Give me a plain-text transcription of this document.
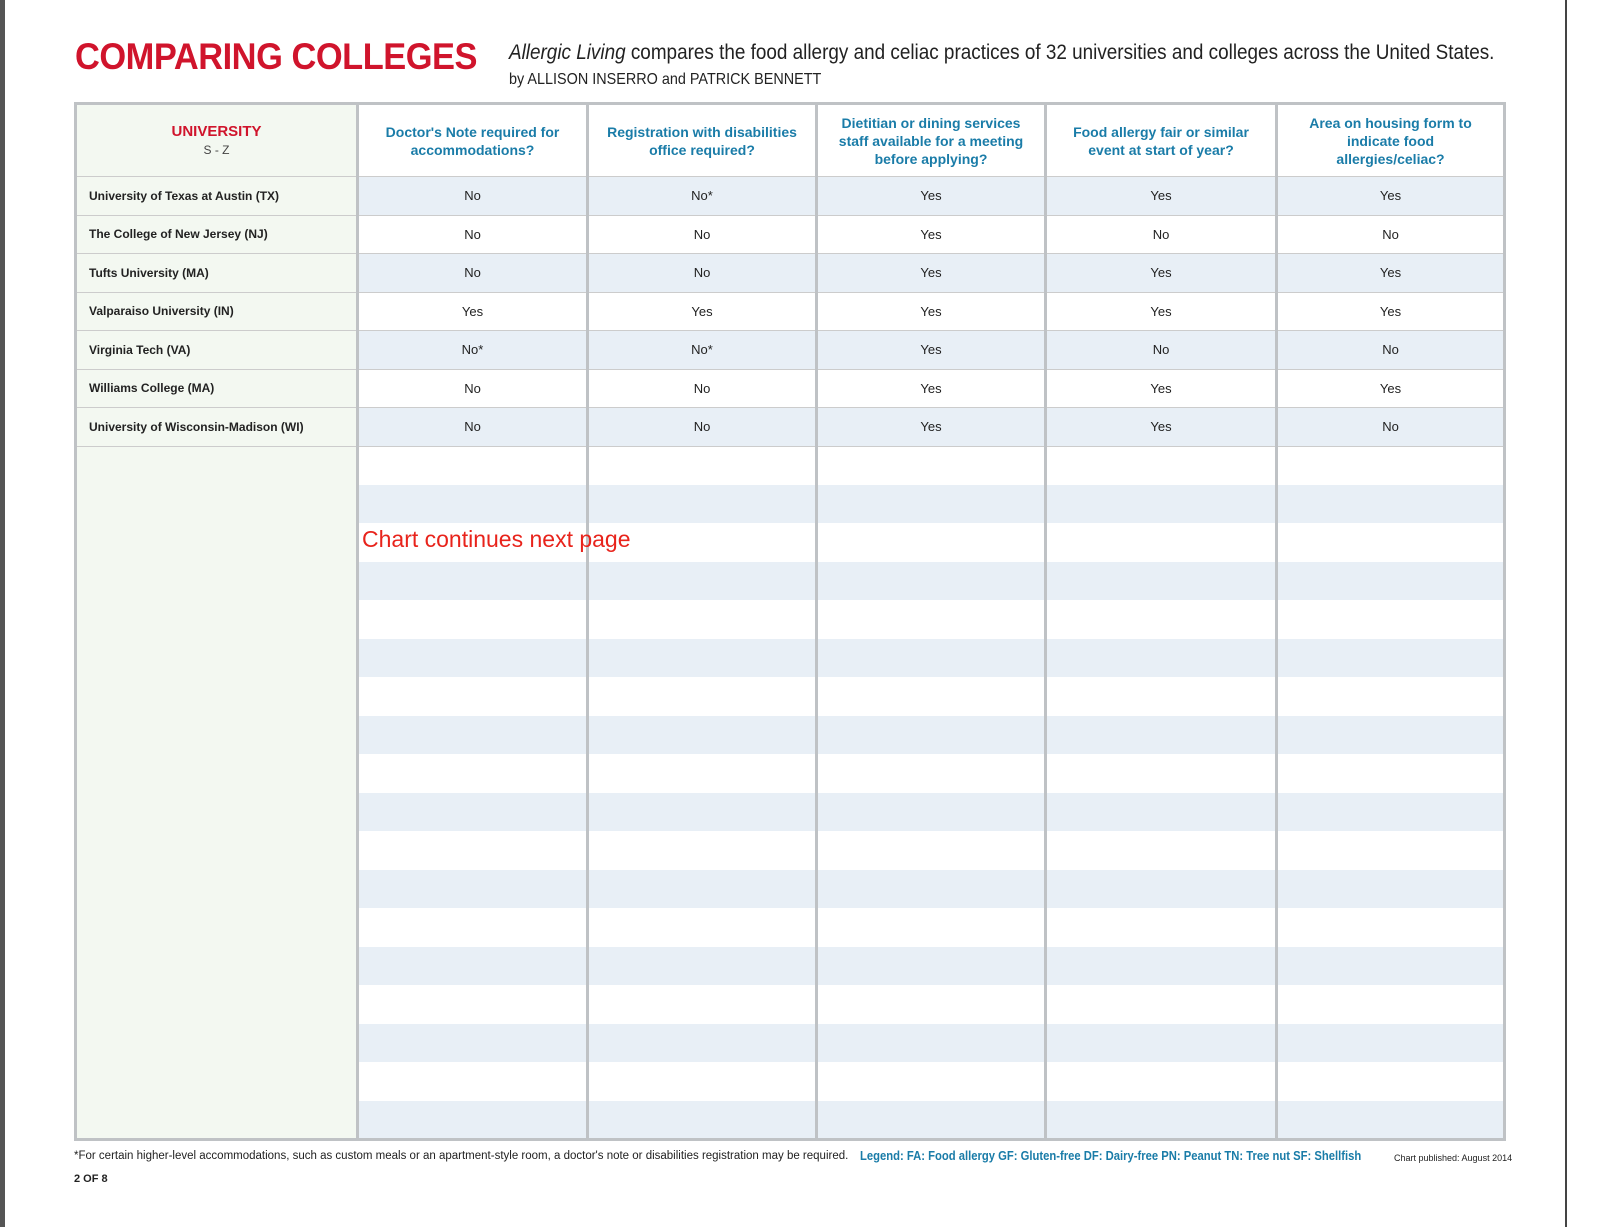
COMPARING COLLEGES Allergic Living compares the food allergy and celiac practices of 32 universities and colleges across the United States.
by ALLISON INSERRO and PATRICK BENNETT
UNIVERSITY
S - Z	Doctor's Note required for accommodations?	Registration with disabilities office required?	Dietitian or dining services staff available for a meeting before applying?	Food allergy fair or similar event at start of year?	Area on housing form to indicate food allergies/celiac?
University of Texas at Austin (TX)	No	No*	Yes	Yes	Yes
The College of New Jersey (NJ)	No	No	Yes	No	No
Tufts University (MA)	No	No	Yes	Yes	Yes
Valparaiso University (IN)	Yes	Yes	Yes	Yes	Yes
Virginia Tech (VA)	No*	No*	Yes	No	No
Williams College (MA)	No	No	Yes	Yes	Yes
University of Wisconsin-Madison (WI)	No	No	Yes	Yes	No

Chart continues next page
*For certain higher-level accommodations, such as custom meals or an apartment-style room, a doctor's note or disabilities registration may be required. Legend: FA: Food allergy GF: Gluten-free DF: Dairy-free PN: Peanut TN: Tree nut SF: Shellfish	Chart published: August 2014
2 OF 8
